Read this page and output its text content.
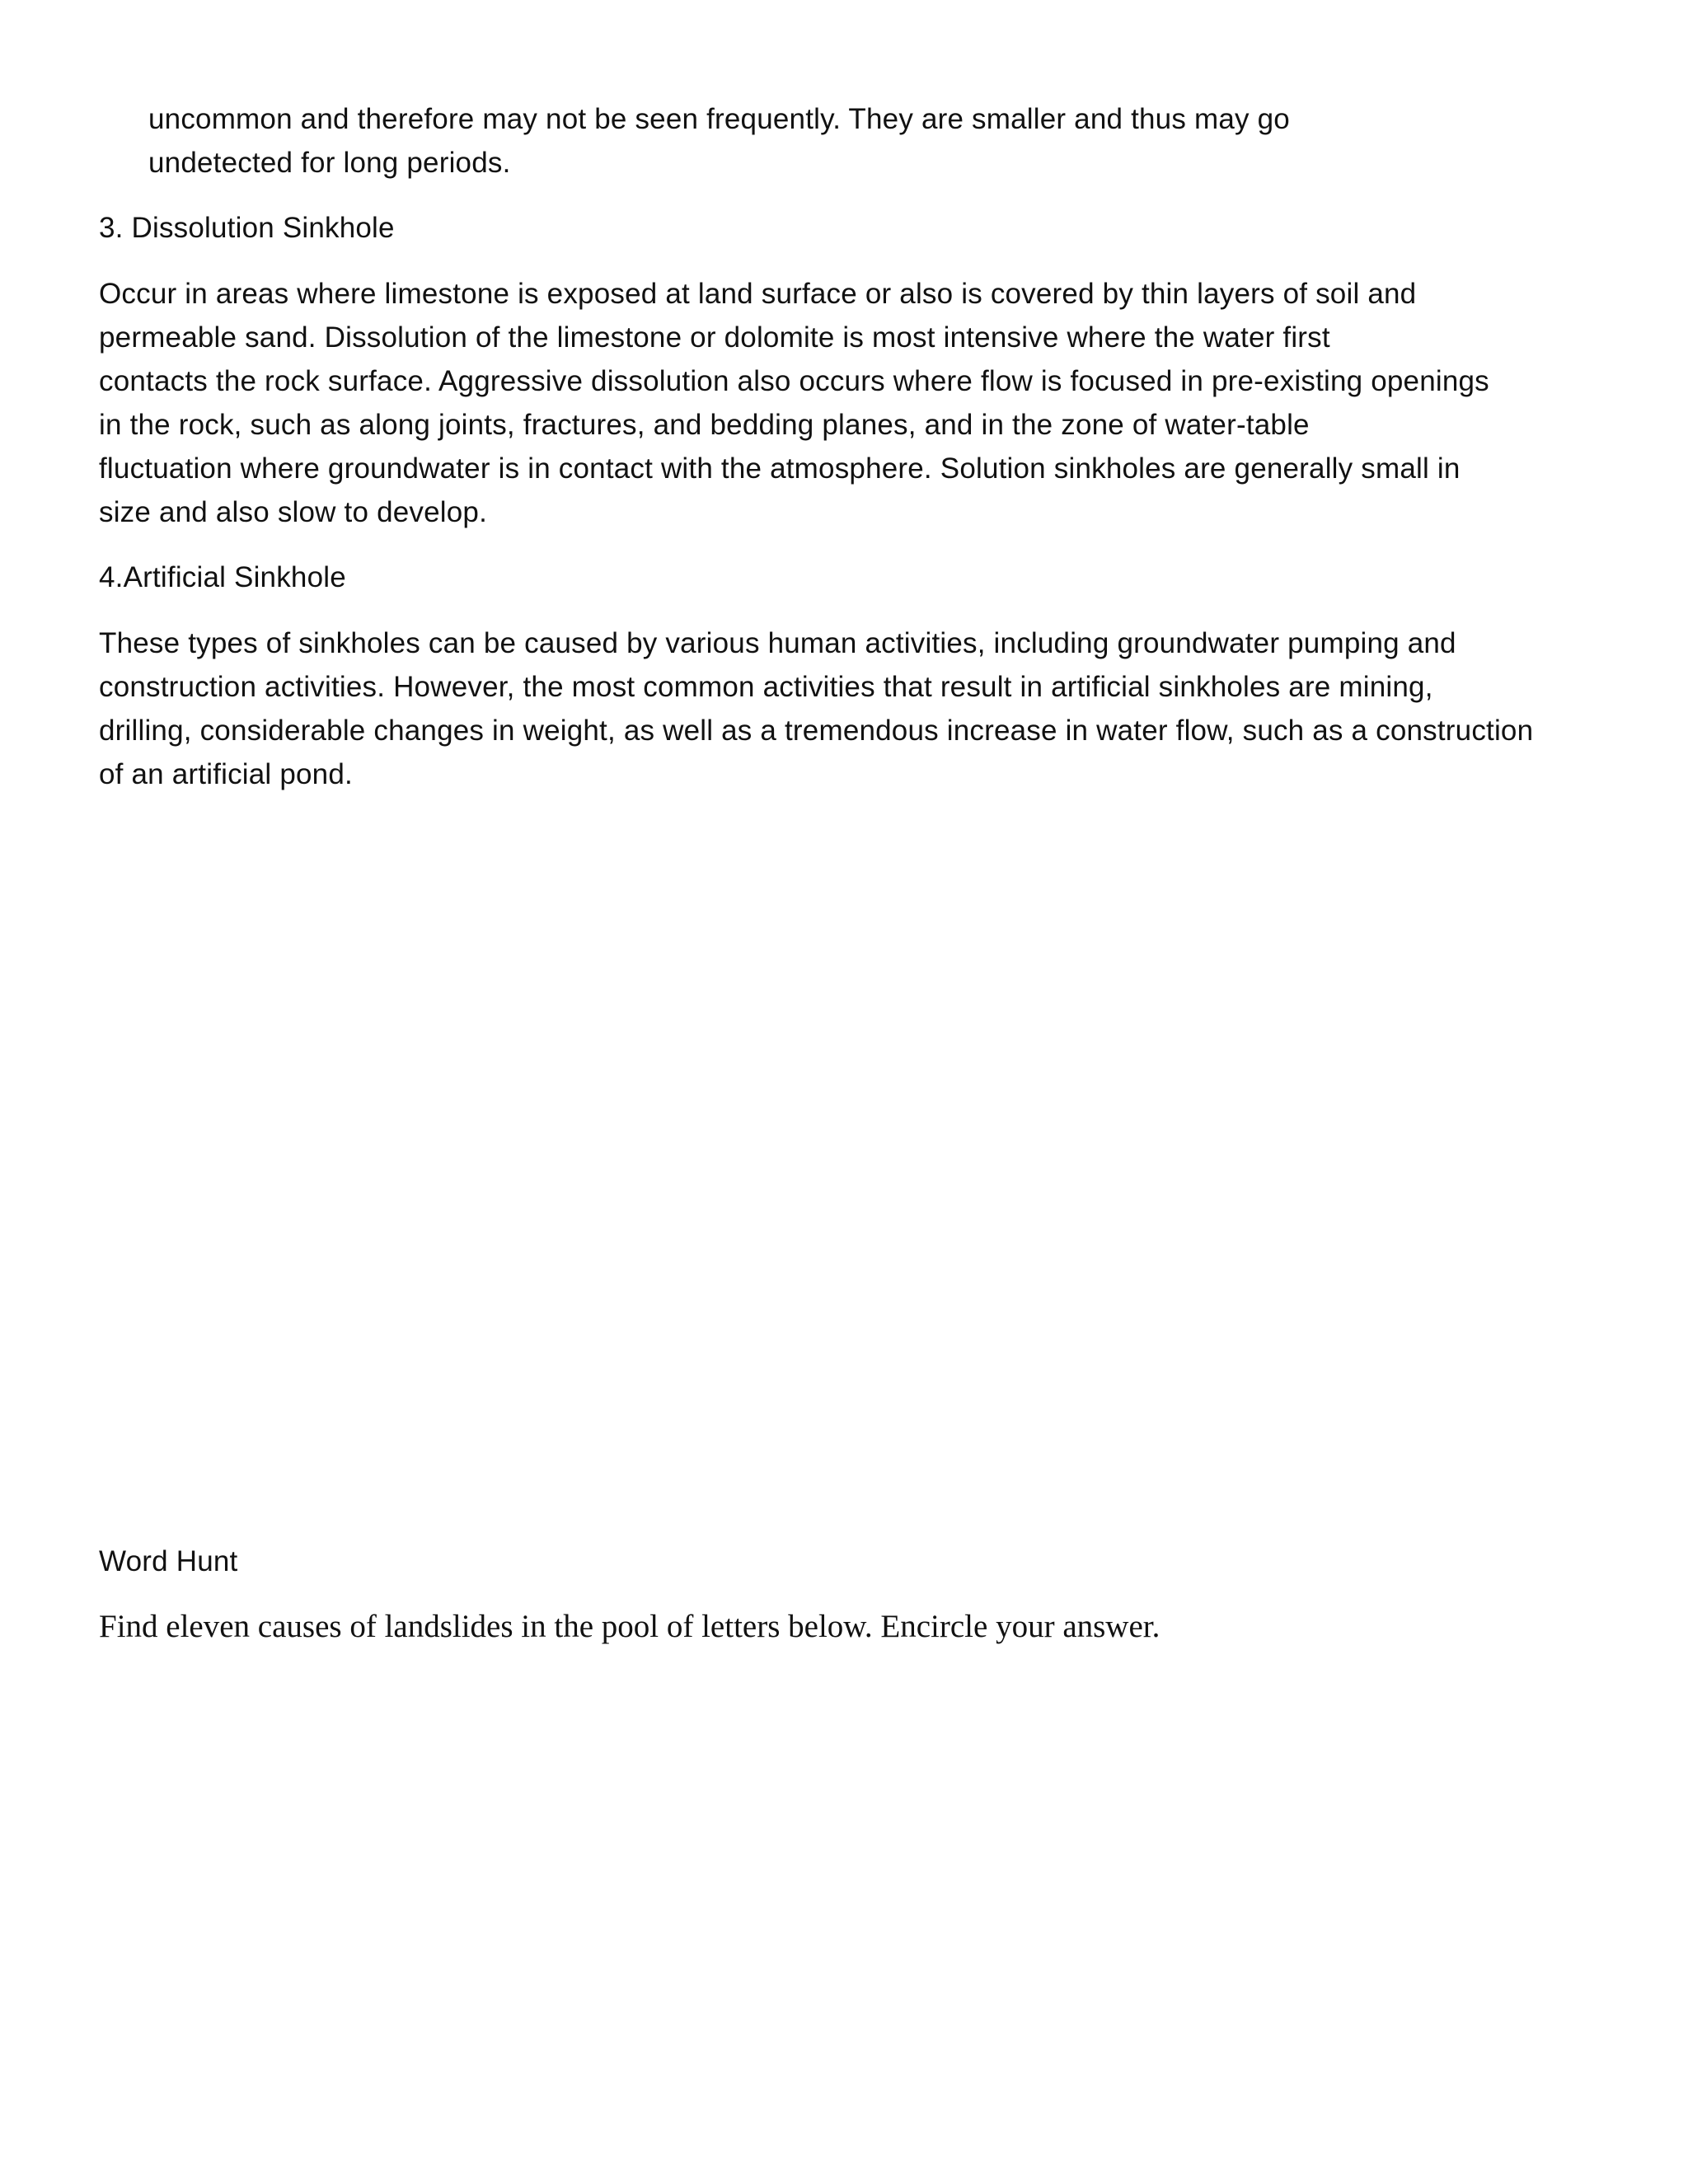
uncommon and therefore may not be seen frequently. They are smaller and thus may go
undetected for long periods.
3. Dissolution Sinkhole
Occur in areas where limestone is exposed at land surface or also is covered by thin layers of soil and
permeable sand. Dissolution of the limestone or dolomite is most intensive where the water first
contacts the rock surface. Aggressive dissolution also occurs where flow is focused in pre-existing openings
in the rock, such as along joints, fractures, and bedding planes, and in the zone of water-table
fluctuation where groundwater is in contact with the atmosphere. Solution sinkholes are generally small in
size and also slow to develop.
4.Artificial Sinkhole
These types of sinkholes can be caused by various human activities, including groundwater pumping and
construction activities. However, the most common activities that result in artificial sinkholes are mining,
drilling, considerable changes in weight, as well as a tremendous increase in water flow, such as a construction
of an artificial pond.
Word Hunt
Find eleven causes of landslides in the pool of letters below. Encircle your answer.
